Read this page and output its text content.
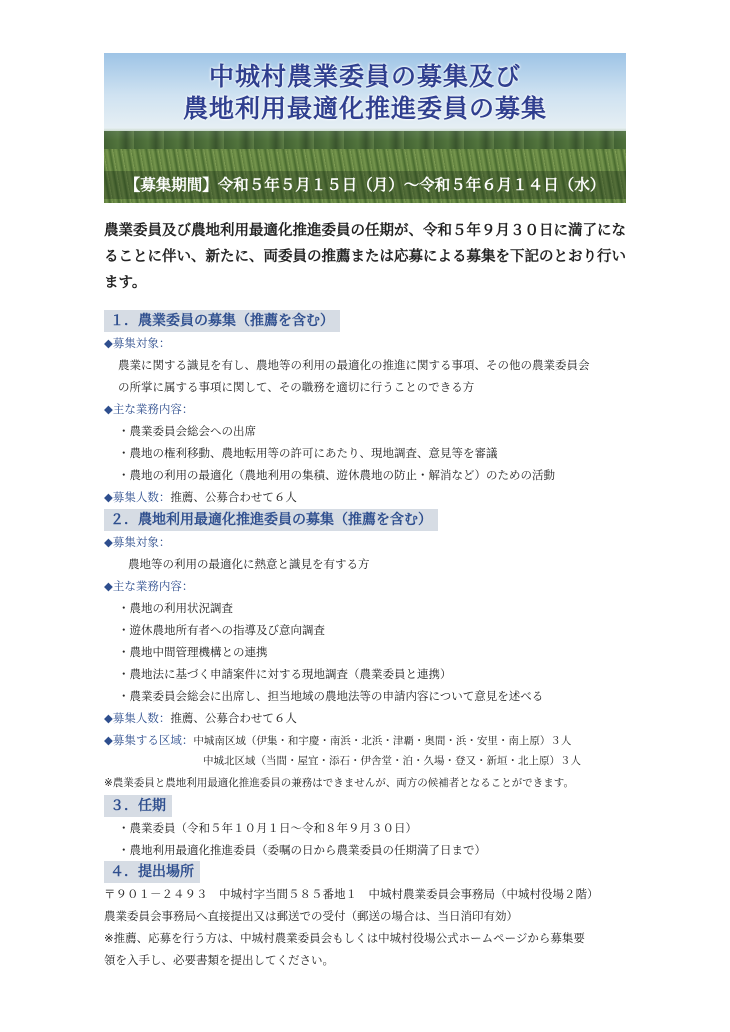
中城村農業委員の募集及び
農地利用最適化推進委員の募集
【募集期間】令和５年５月１５日（月）～令和５年６月１４日（水）
農業委員及び農地利用最適化推進委員の任期が、令和５年９月３０日に満了になることに伴い、新たに、両委員の推薦または応募による募集を下記のとおり行います。
１．農業委員の募集（推薦を含む）
◆募集対象：
農業に関する識見を有し、農地等の利用の最適化の推進に関する事項、その他の農業委員会
の所掌に属する事項に関して、その職務を適切に行うことのできる方
◆主な業務内容：
・農業委員会総会への出席
・農地の権利移動、農地転用等の許可にあたり、現地調査、意見等を審議
・農地の利用の最適化（農地利用の集積、遊休農地の防止・解消など）のための活動
◆募集人数：推薦、公募合わせて６人
２．農地利用最適化推進委員の募集（推薦を含む）
◆募集対象：
農地等の利用の最適化に熱意と識見を有する方
◆主な業務内容：
・農地の利用状況調査
・遊休農地所有者への指導及び意向調査
・農地中間管理機構との連携
・農地法に基づく申請案件に対する現地調査（農業委員と連携）
・農業委員会総会に出席し、担当地域の農地法等の申請内容について意見を述べる
◆募集人数：推薦、公募合わせて６人
◆募集する区域：中城南区域（伊集・和宇慶・南浜・北浜・津覇・奥間・浜・安里・南上原）３人
中城北区域（当間・屋宜・添石・伊舎堂・泊・久場・登又・新垣・北上原）３人
※農業委員と農地利用最適化推進委員の兼務はできませんが、両方の候補者となることができます。
３．任期
・農業委員（令和５年１０月１日～令和８年９月３０日）
・農地利用最適化推進委員（委嘱の日から農業委員の任期満了日まで）
４．提出場所
〒９０１－２４９３　中城村字当間５８５番地１　中城村農業委員会事務局（中城村役場２階）
農業委員会事務局へ直接提出又は郵送での受付（郵送の場合は、当日消印有効）
※推薦、応募を行う方は、中城村農業委員会もしくは中城村役場公式ホームページから募集要
領を入手し、必要書類を提出してください。
